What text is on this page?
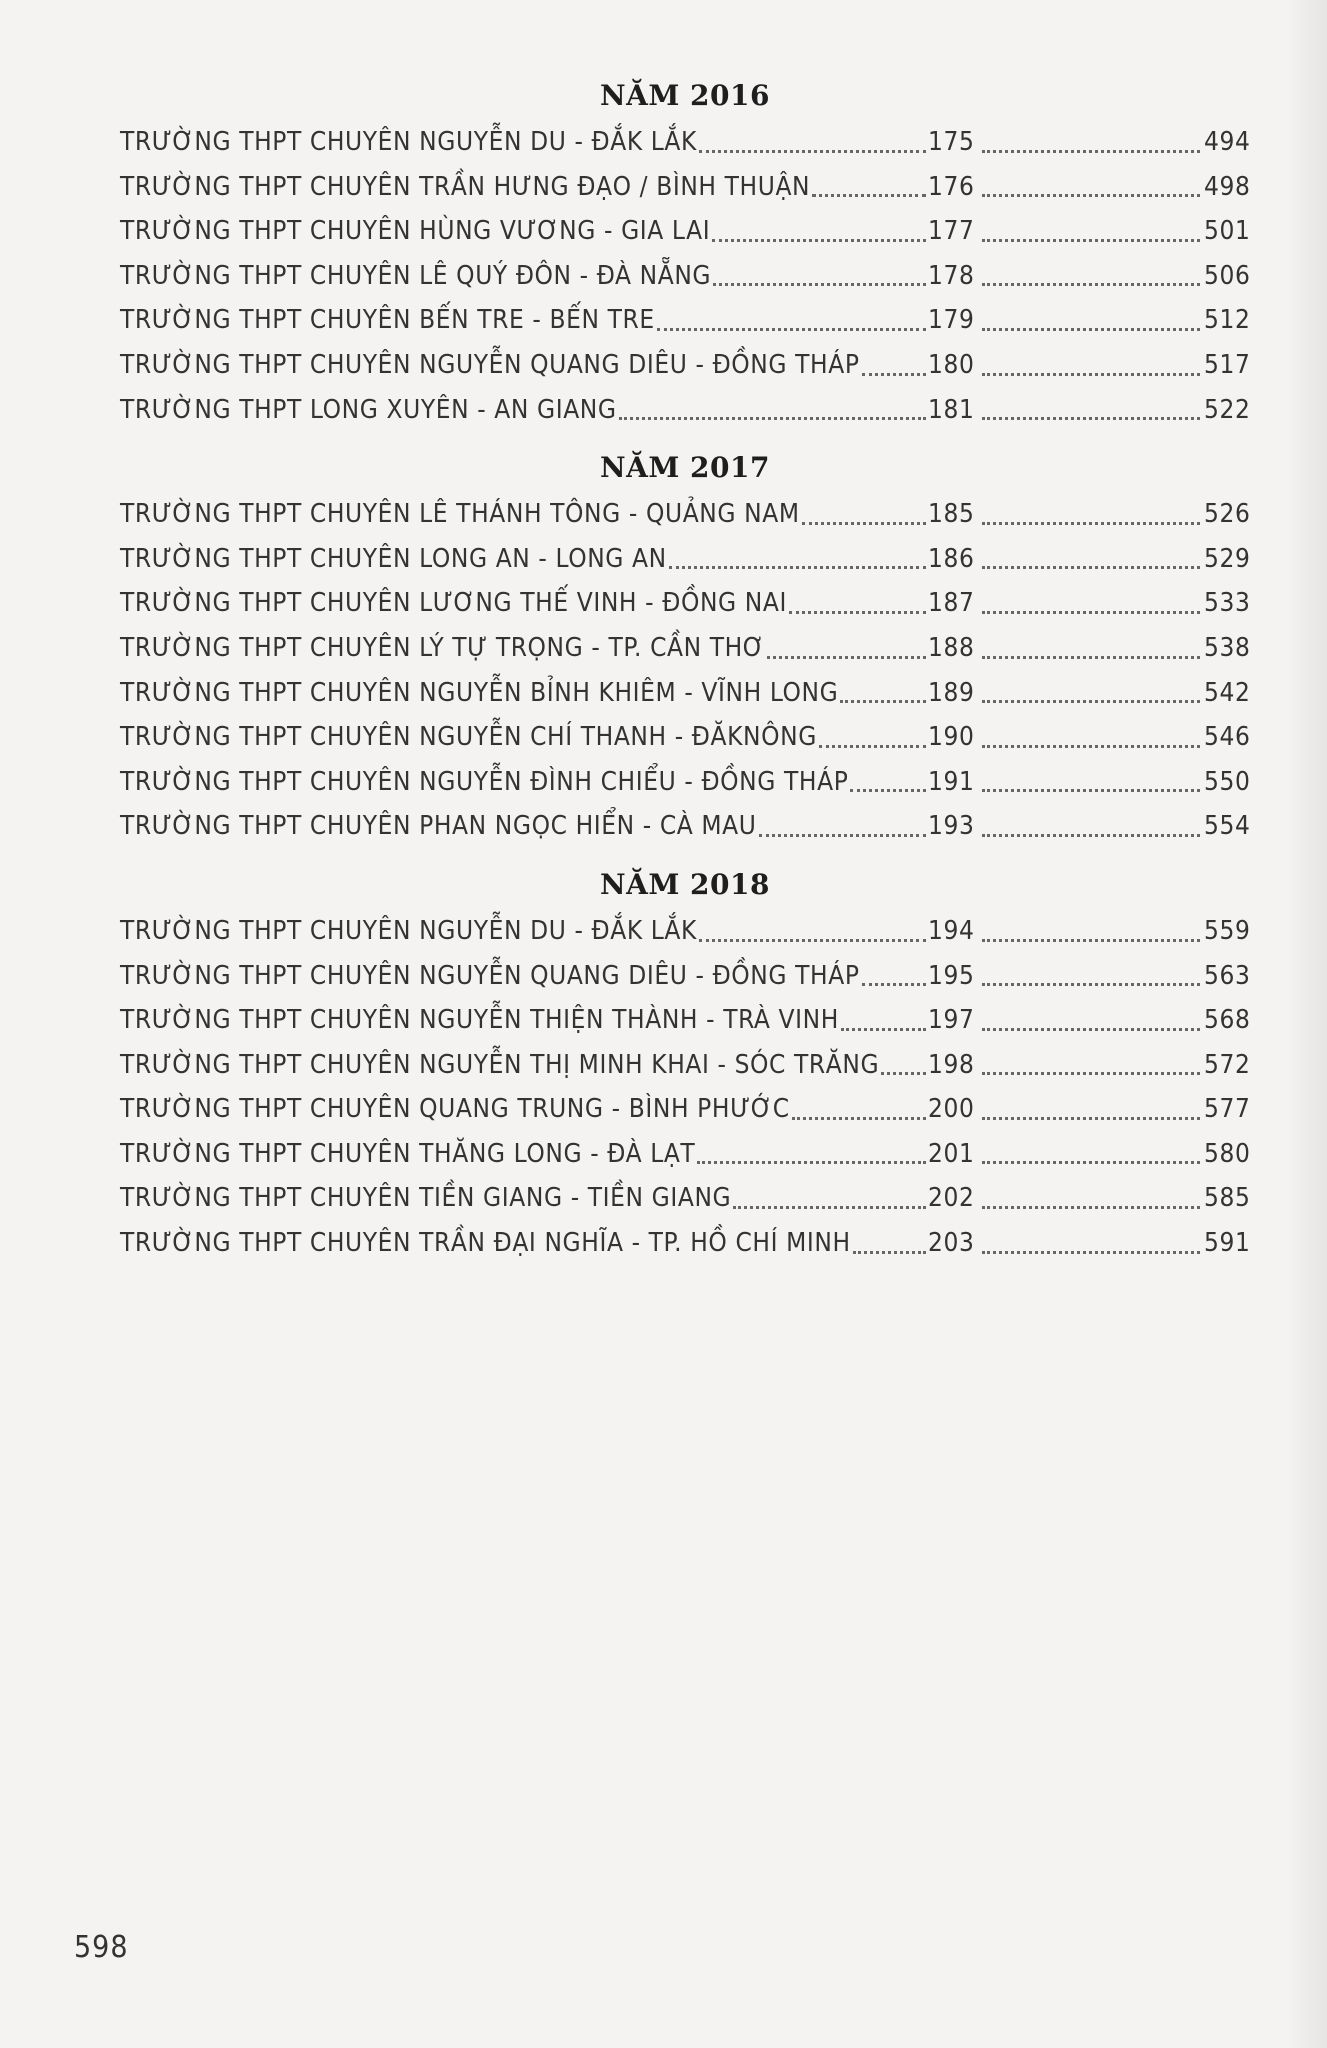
NĂM 2016
TRƯỜNG THPT CHUYÊN NGUYỄN DU - ĐẮK LẮK	175	494
TRƯỜNG THPT CHUYÊN TRẦN HƯNG ĐẠO / BÌNH THUẬN	176	498
TRƯỜNG THPT CHUYÊN HÙNG VƯƠNG - GIA LAI	177	501
TRƯỜNG THPT CHUYÊN LÊ QUÝ ĐÔN - ĐÀ NẴNG	178	506
TRƯỜNG THPT CHUYÊN BẾN TRE - BẾN TRE	179	512
TRƯỜNG THPT CHUYÊN NGUYỄN QUANG DIÊU - ĐỒNG THÁP	180	517
TRƯỜNG THPT LONG XUYÊN - AN GIANG	181	522
NĂM 2017
TRƯỜNG THPT CHUYÊN LÊ THÁNH TÔNG - QUẢNG NAM	185	526
TRƯỜNG THPT CHUYÊN LONG AN - LONG AN	186	529
TRƯỜNG THPT CHUYÊN LƯƠNG THẾ VINH - ĐỒNG NAI	187	533
TRƯỜNG THPT CHUYÊN LÝ TỰ TRỌNG - TP. CẦN THƠ	188	538
TRƯỜNG THPT CHUYÊN NGUYỄN BỈNH KHIÊM - VĨNH LONG	189	542
TRƯỜNG THPT CHUYÊN NGUYỄN CHÍ THANH - ĐĂKNÔNG	190	546
TRƯỜNG THPT CHUYÊN NGUYỄN ĐÌNH CHIỂU - ĐỒNG THÁP	191	550
TRƯỜNG THPT CHUYÊN PHAN NGỌC HIỂN - CÀ MAU	193	554
NĂM 2018
TRƯỜNG THPT CHUYÊN NGUYỄN DU - ĐẮK LẮK	194	559
TRƯỜNG THPT CHUYÊN NGUYỄN QUANG DIÊU - ĐỒNG THÁP	195	563
TRƯỜNG THPT CHUYÊN NGUYỄN THIỆN THÀNH - TRÀ VINH	197	568
TRƯỜNG THPT CHUYÊN NGUYỄN THỊ MINH KHAI - SÓC TRĂNG 198	572
TRƯỜNG THPT CHUYÊN QUANG TRUNG - BÌNH PHƯỚC	200	577
TRƯỜNG THPT CHUYÊN THĂNG LONG - ĐÀ LẠT	201	580
TRƯỜNG THPT CHUYÊN TIỀN GIANG - TIỀN GIANG	202	585
TRƯỜNG THPT CHUYÊN TRẦN ĐẠI NGHĨA - TP. HỒ CHÍ MINH	203	591
598
